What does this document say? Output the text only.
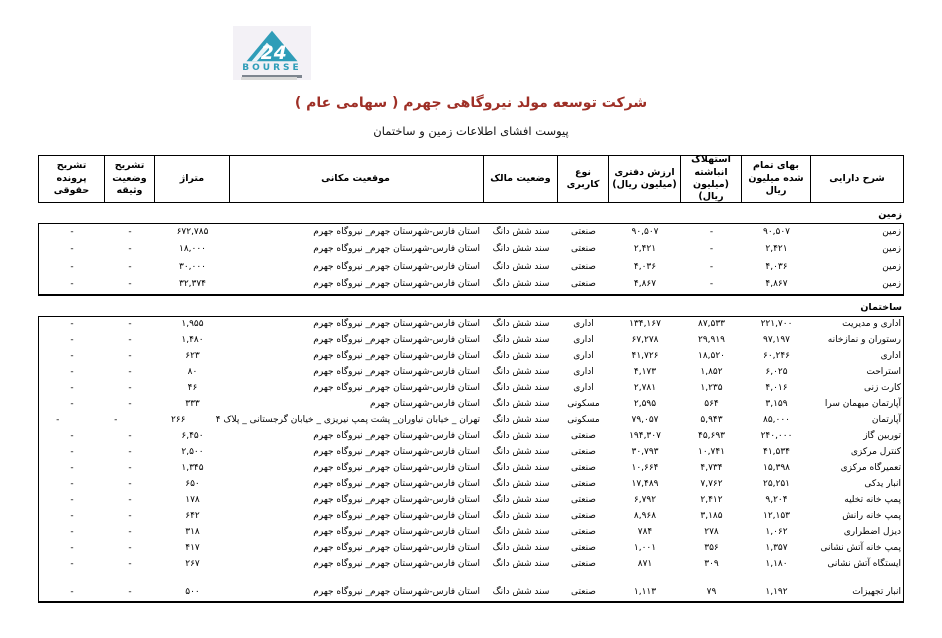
24
BOURSE
شرکت توسعه مولد نیروگاهی جهرم ( سهامی عام )
پیوست افشای اطلاعات زمین و ساختمان
شرح دارایی
بهای تمام شده میلیون ریال
استهلاک انباشته (میلیون ریال)
ارزش دفتری (میلیون ریال)
نوع کاربری
وضعیت مالک
موقعیت مکانی
متراژ
تشریح وضعیت وثیقه
تشریح پرونده حقوقی
زمین
زمین
۹۰,۵۰۷
-
۹۰,۵۰۷
صنعتی
سند شش دانگ
استان فارس-شهرستان جهرم_ نیروگاه جهرم
۶۷۲,۷۸۵
-
-
زمین
۲,۴۲۱
-
۲,۴۲۱
صنعتی
سند شش دانگ
استان فارس-شهرستان جهرم_ نیروگاه جهرم
۱۸,۰۰۰
-
-
زمین
۴,۰۳۶
-
۴,۰۳۶
صنعتی
سند شش دانگ
استان فارس-شهرستان جهرم_ نیروگاه جهرم
۳۰,۰۰۰
-
-
زمین
۴,۸۶۷
-
۴,۸۶۷
صنعتی
سند شش دانگ
استان فارس-شهرستان جهرم_ نیروگاه جهرم
۳۲,۳۷۴
-
-
ساختمان
اداری و مدیریت
۲۲۱,۷۰۰
۸۷,۵۳۳
۱۳۴,۱۶۷
اداری
سند شش دانگ
استان فارس-شهرستان جهرم_ نیروگاه جهرم
۱,۹۵۵
-
-
رستوران و نمازخانه
۹۷,۱۹۷
۲۹,۹۱۹
۶۷,۲۷۸
اداری
سند شش دانگ
استان فارس-شهرستان جهرم_ نیروگاه جهرم
۱,۴۸۰
-
-
اداری
۶۰,۲۴۶
۱۸,۵۲۰
۴۱,۷۲۶
اداری
سند شش دانگ
استان فارس-شهرستان جهرم_ نیروگاه جهرم
۶۲۳
-
-
استراحت
۶,۰۲۵
۱,۸۵۲
۴,۱۷۳
اداری
سند شش دانگ
استان فارس-شهرستان جهرم_ نیروگاه جهرم
۸۰
-
-
کارت زنی
۴,۰۱۶
۱,۲۳۵
۲,۷۸۱
اداری
سند شش دانگ
استان فارس-شهرستان جهرم_ نیروگاه جهرم
۴۶
-
-
آپارتمان میهمان سرا
۳,۱۵۹
۵۶۴
۲,۵۹۵
مسکونی
سند شش دانگ
استان فارس-شهرستان جهرم
۳۳۳
-
-
آپارتمان
۸۵,۰۰۰
۵,۹۴۳
۷۹,۰۵۷
مسکونی
سند شش دانگ
تهران _ خیابان نیاوران_ پشت پمپ نیریزی _ خیابان گرجستانی _ پلاک ۴
۲۶۶
-
-
توربین گاز
۲۴۰,۰۰۰
۴۵,۶۹۳
۱۹۴,۳۰۷
صنعتی
سند شش دانگ
استان فارس-شهرستان جهرم_ نیروگاه جهرم
۶,۴۵۰
-
-
کنترل مرکزی
۴۱,۵۳۴
۱۰,۷۴۱
۳۰,۷۹۳
صنعتی
سند شش دانگ
استان فارس-شهرستان جهرم_ نیروگاه جهرم
۲,۵۰۰
-
-
تعمیرگاه مرکزی
۱۵,۳۹۸
۴,۷۳۴
۱۰,۶۶۴
صنعتی
سند شش دانگ
استان فارس-شهرستان جهرم_ نیروگاه جهرم
۱,۳۴۵
-
-
انبار یدکی
۲۵,۲۵۱
۷,۷۶۲
۱۷,۴۸۹
صنعتی
سند شش دانگ
استان فارس-شهرستان جهرم_ نیروگاه جهرم
۶۵۰
-
-
پمپ خانه تخلیه
۹,۲۰۴
۲,۴۱۲
۶,۷۹۲
صنعتی
سند شش دانگ
استان فارس-شهرستان جهرم_ نیروگاه جهرم
۱۷۸
-
-
پمپ خانه رانش
۱۲,۱۵۳
۳,۱۸۵
۸,۹۶۸
صنعتی
سند شش دانگ
استان فارس-شهرستان جهرم_ نیروگاه جهرم
۶۴۲
-
-
دیزل اضطراری
۱,۰۶۲
۲۷۸
۷۸۴
صنعتی
سند شش دانگ
استان فارس-شهرستان جهرم_ نیروگاه جهرم
۳۱۸
-
-
پمپ خانه آتش نشانی
۱,۳۵۷
۳۵۶
۱,۰۰۱
صنعتی
سند شش دانگ
استان فارس-شهرستان جهرم_ نیروگاه جهرم
۴۱۷
-
-
ایستگاه آتش نشانی
۱,۱۸۰
۳۰۹
۸۷۱
صنعتی
سند شش دانگ
استان فارس-شهرستان جهرم_ نیروگاه جهرم
۲۶۷
-
-
انبار تجهیزات
۱,۱۹۲
۷۹
۱,۱۱۳
صنعتی
سند شش دانگ
استان فارس-شهرستان جهرم_ نیروگاه جهرم
۵۰۰
-
-
